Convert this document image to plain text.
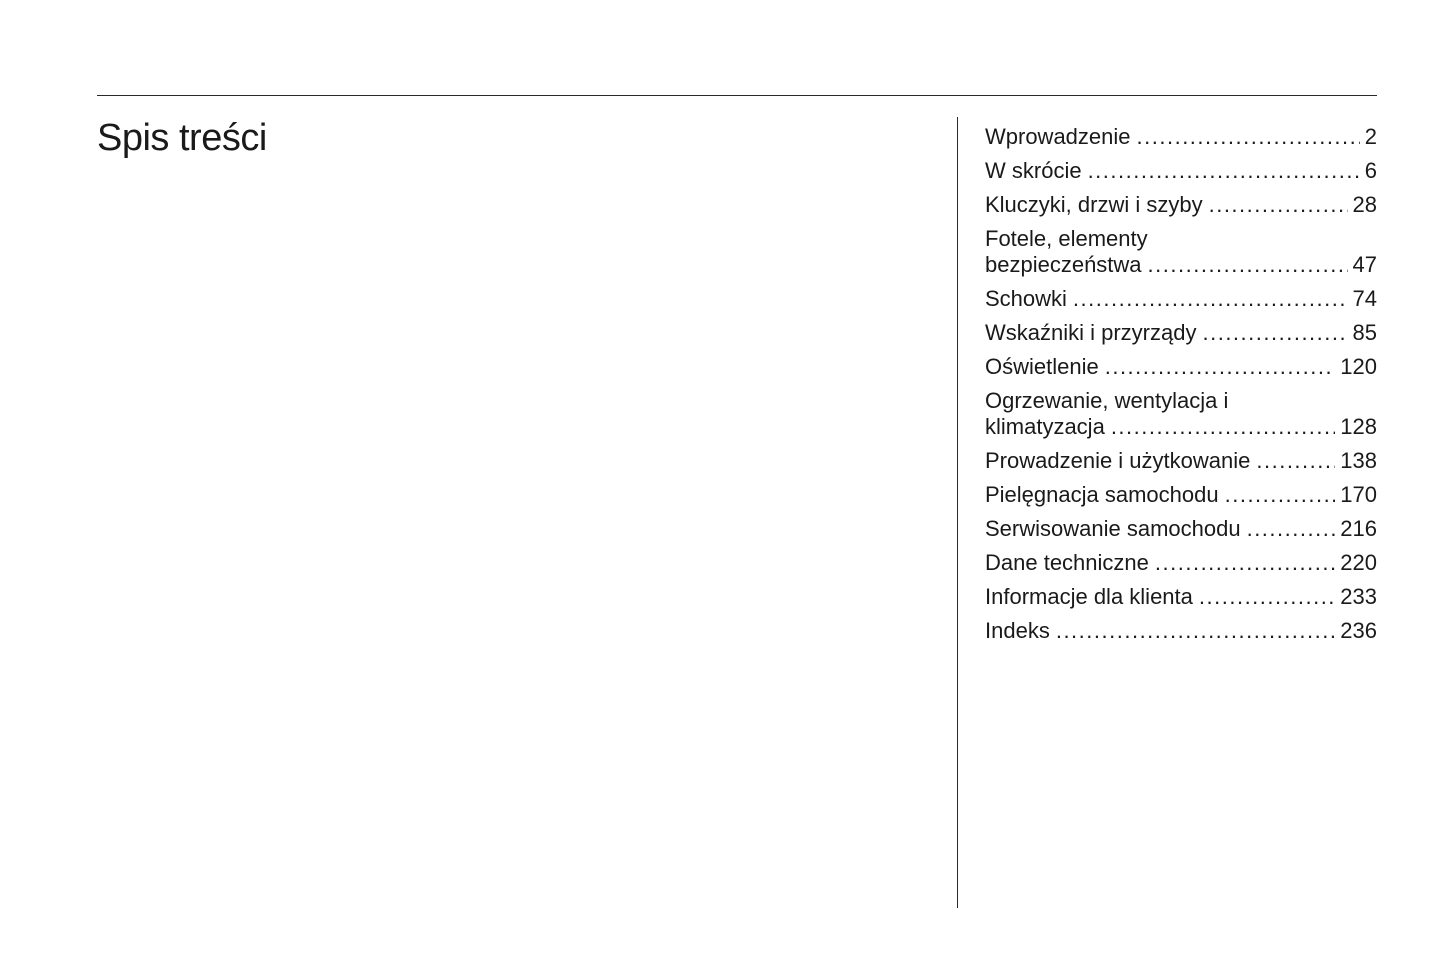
Spis treści	Wprowadzenie .....	2
W skrócie .....	6
Kluczyki, drzwi i szyby .....	28
Fotele, elementy
bezpieczeństwa .....	47
Schowki .....	74
Wskaźniki i przyrządy .....	85
Oświetlenie .....	120
Ogrzewanie, wentylacja i
klimatyzacja .....	128
Prowadzenie i użytkowanie .....	138
Pielęgnacja samochodu .....	170
Serwisowanie samochodu .....	216
Dane techniczne .....	220
Informacje dla klienta .....	233
Indeks .....	236
